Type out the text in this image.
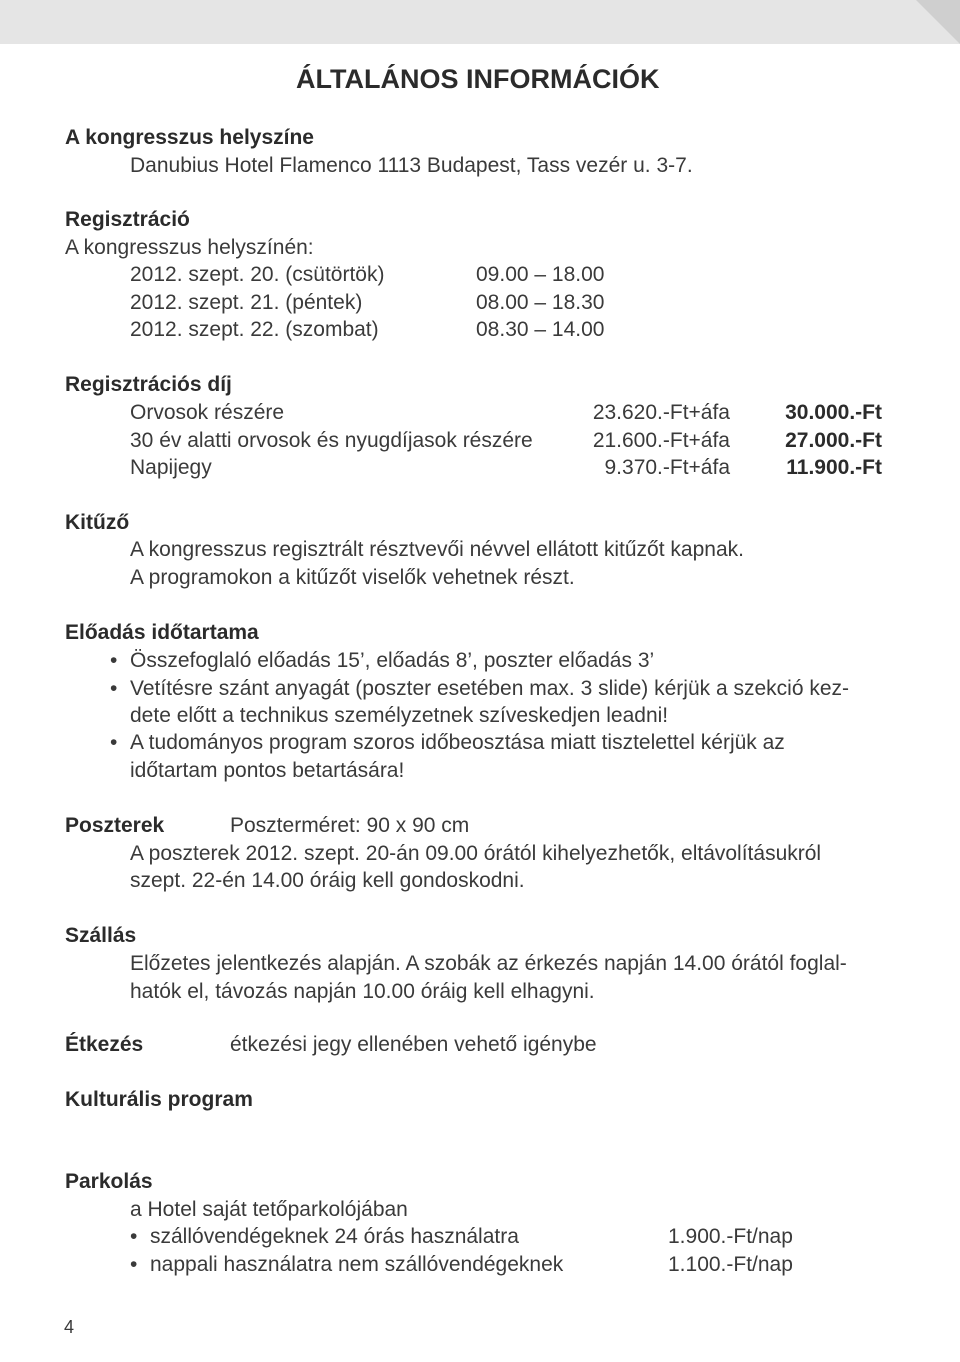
ÁLTALÁNOS INFORMÁCIÓK
A kongresszus helyszíne
Danubius Hotel Flamenco 1113 Budapest, Tass vezér u. 3-7.
Regisztráció
A kongresszus helyszínén:
2012. szept. 20. (csütörtök)	09.00 – 18.00
2012. szept. 21. (péntek)	08.00 – 18.30
2012. szept. 22. (szombat)	08.30 – 14.00
Regisztrációs díj
Orvosok részére	23.620.-Ft+áfa	30.000.-Ft
30 év alatti orvosok és nyugdíjasok részére	21.600.-Ft+áfa	27.000.-Ft
Napijegy	9.370.-Ft+áfa	11.900.-Ft
Kitűző
A kongresszus regisztrált résztvevői névvel ellátott kitűzőt kapnak.
A programokon a kitűzőt viselők vehetnek részt.
Előadás időtartama
• Összefoglaló előadás 15’, előadás 8’, poszter előadás 3’
• Vetítésre szánt anyagát (poszter esetében max. 3 slide) kérjük a szekció kez-
dete előtt a technikus személyzetnek szíveskedjen leadni!
• A tudományos program szoros időbeosztása miatt tisztelettel kérjük az
időtartam pontos betartására!
Poszterek	Poszterméret: 90 x 90 cm
A poszterek 2012. szept. 20-án 09.00 órától kihelyezhetők, eltávolításukról
szept. 22-én 14.00 óráig kell gondoskodni.
Szállás
Előzetes jelentkezés alapján. A szobák az érkezés napján 14.00 órától foglal-
hatók el, távozás napján 10.00 óráig kell elhagyni.
Étkezés	étkezési jegy ellenében vehető igénybe
Kulturális program
Parkolás
a Hotel saját tetőparkolójában
• szállóvendégeknek 24 órás használatra	1.900.-Ft/nap
• nappali használatra nem szállóvendégeknek	1.100.-Ft/nap
4
